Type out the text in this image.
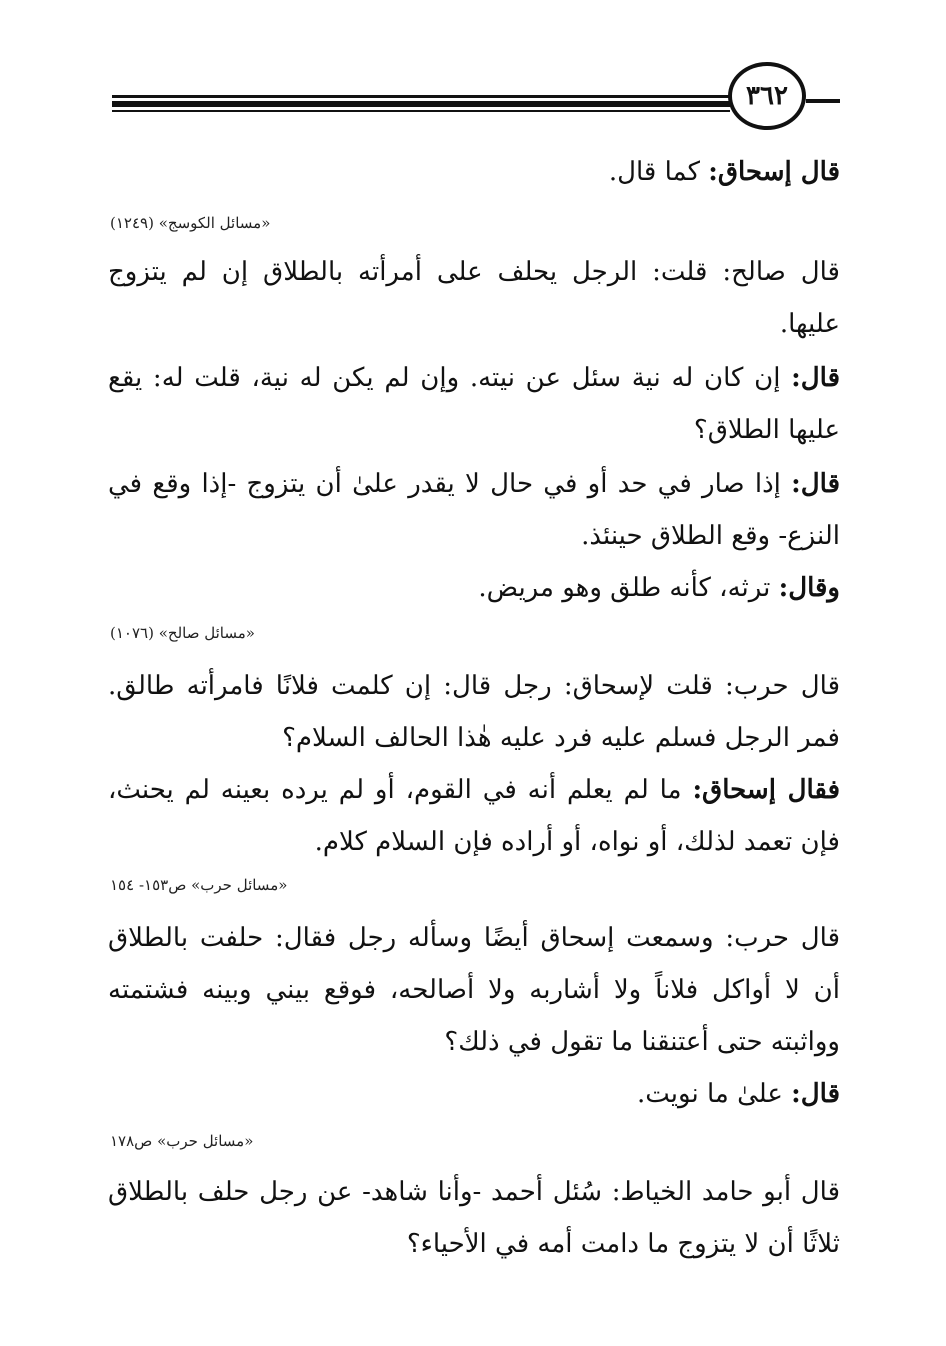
٣٦٢
قال إسحاق: كما قال.
«مسائل الكوسج» (١٢٤٩)
قال صالح: قلت: الرجل يحلف على أمرأته بالطلاق إن لم يتزوج عليها.
قال: إن كان له نية سئل عن نيته. وإن لم يكن له نية، قلت له: يقع عليها الطلاق؟
قال: إذا صار في حد أو في حال لا يقدر علىٰ أن يتزوج -إذا وقع في النزع- وقع الطلاق حينئذ.
وقال: ترثه، كأنه طلق وهو مريض.
«مسائل صالح» (١٠٧٦)
قال حرب: قلت لإسحاق: رجل قال: إن كلمت فلانًا فامرأته طالق. فمر الرجل فسلم عليه فرد عليه هٰذا الحالف السلام؟
فقال إسحاق: ما لم يعلم أنه في القوم، أو لم يرده بعينه لم يحنث، فإن تعمد لذلك، أو نواه، أو أراده فإن السلام كلام.
«مسائل حرب» ص١٥٣- ١٥٤
قال حرب: وسمعت إسحاق أيضًا وسأله رجل فقال: حلفت بالطلاق أن لا أواكل فلاناً ولا أشاربه ولا أصالحه، فوقع بيني وبينه فشتمته وواثبته حتى أعتنقنا ما تقول في ذلك؟
قال: علىٰ ما نويت.
«مسائل حرب» ص١٧٨
قال أبو حامد الخياط: سُئل أحمد -وأنا شاهد- عن رجل حلف بالطلاق ثلاثًا أن لا يتزوج ما دامت أمه في الأحياء؟
